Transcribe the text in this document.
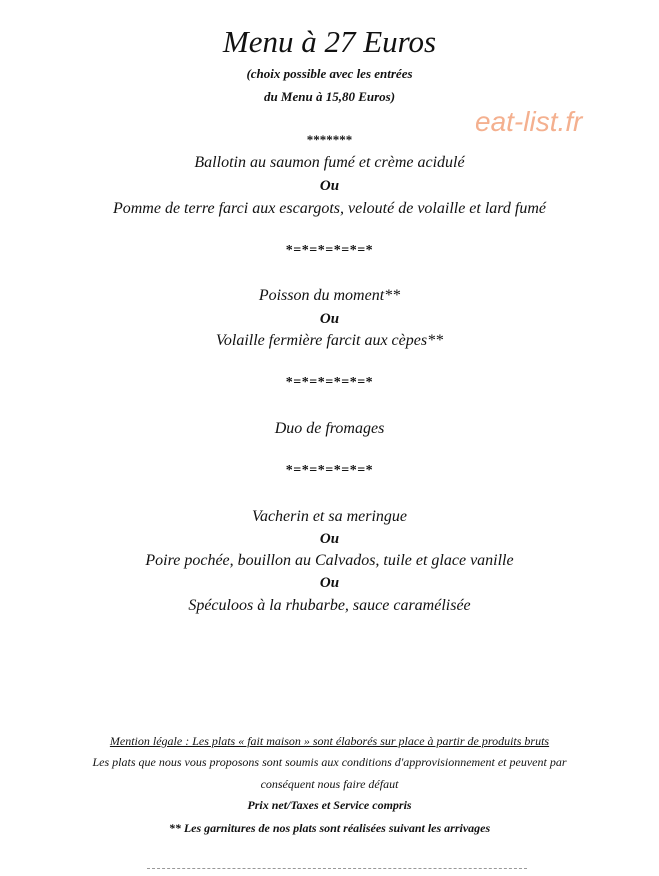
Menu à 27 Euros
(choix possible avec les entrées
du Menu à 15,80 Euros)
eat-list.fr
*******
Ballotin au saumon fumé et crème acidulé
Ou
Pomme de terre farci aux escargots, velouté de volaille et lard fumé
*=*=*=*=*=*
Poisson du moment**
Ou
Volaille fermière farcit aux cèpes**
*=*=*=*=*=*
Duo de fromages
*=*=*=*=*=*
Vacherin et sa meringue
Ou
Poire pochée, bouillon au Calvados, tuile et glace vanille
Ou
Spéculoos à la rhubarbe, sauce caramélisée
Mention légale : Les plats « fait maison » sont élaborés sur place à partir de produits bruts
Les plats que nous vous proposons sont soumis aux conditions d'approvisionnement et peuvent par
conséquent nous faire défaut
Prix net/Taxes et Service compris
** Les garnitures de nos plats sont réalisées suivant les arrivages
